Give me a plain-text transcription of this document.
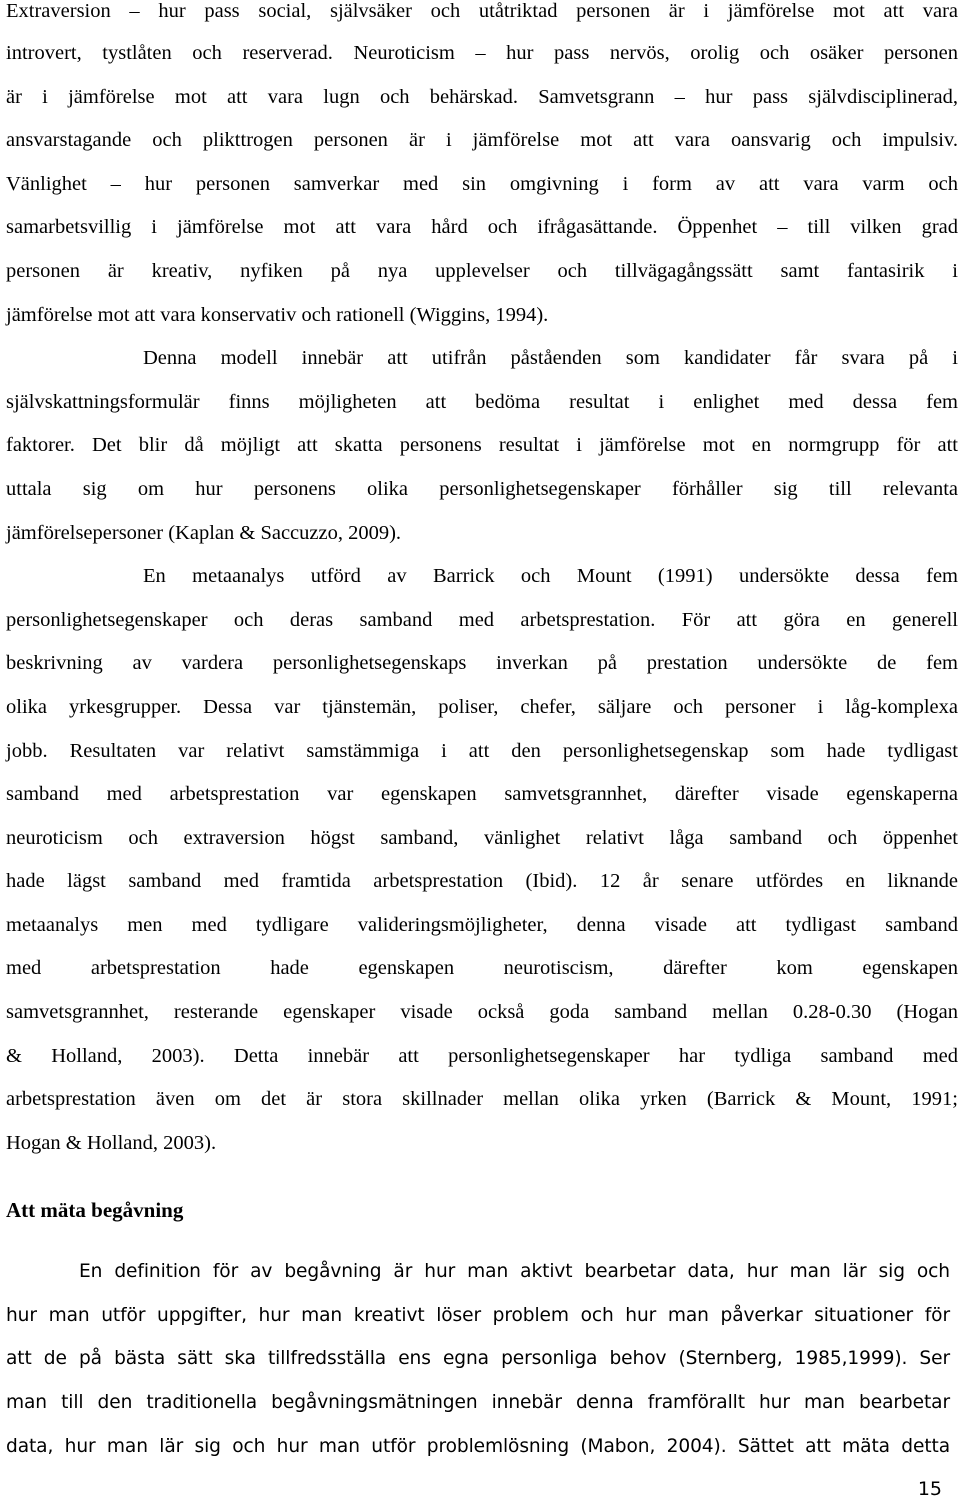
Extraversion – hur pass social, självsäker och utåtriktad personen är i jämförelse mot att vara
introvert, tystlåten och reserverad. Neuroticism – hur pass nervös, orolig och osäker personen
är i jämförelse mot att vara lugn och behärskad. Samvetsgrann – hur pass självdisciplinerad,
ansvarstagande och plikttrogen personen är i jämförelse mot att vara oansvarig och impulsiv.
Vänlighet – hur personen samverkar med sin omgivning i form av att vara varm och
samarbetsvillig i jämförelse mot att vara hård och ifrågasättande. Öppenhet – till vilken grad
personen är kreativ, nyfiken på nya upplevelser och tillvägagångssätt samt fantasirik i
jämförelse mot att vara konservativ och rationell (Wiggins, 1994).
Denna modell innebär att utifrån påståenden som kandidater får svara på i
självskattningsformulär finns möjligheten att bedöma resultat i enlighet med dessa fem
faktorer. Det blir då möjligt att skatta personens resultat i jämförelse mot en normgrupp för att
uttala sig om hur personens olika personlighetsegenskaper förhåller sig till relevanta
jämförelsepersoner (Kaplan & Saccuzzo, 2009).
En metaanalys utförd av Barrick och Mount (1991) undersökte dessa fem
personlighetsegenskaper och deras samband med arbetsprestation. För att göra en generell
beskrivning av vardera personlighetsegenskaps inverkan på prestation undersökte de fem
olika yrkesgrupper. Dessa var tjänstemän, poliser, chefer, säljare och personer i låg-komplexa
jobb. Resultaten var relativt samstämmiga i att den personlighetsegenskap som hade tydligast
samband med arbetsprestation var egenskapen samvetsgrannhet, därefter visade egenskaperna
neuroticism och extraversion högst samband, vänlighet relativt låga samband och öppenhet
hade lägst samband med framtida arbetsprestation (Ibid). 12 år senare utfördes en liknande
metaanalys men med tydligare valideringsmöjligheter, denna visade att tydligast samband
med arbetsprestation hade egenskapen neurotiscism, därefter kom egenskapen
samvetsgrannhet, resterande egenskaper visade också goda samband mellan 0.28-0.30 (Hogan
& Holland, 2003). Detta innebär att personlighetsegenskaper har tydliga samband med
arbetsprestation även om det är stora skillnader mellan olika yrken (Barrick & Mount, 1991;
Hogan & Holland, 2003).
Att mäta begåvning
En definition för av begåvning är hur man aktivt bearbetar data, hur man lär sig och
hur man utför uppgifter, hur man kreativt löser problem och hur man påverkar situationer för
att de på bästa sätt ska tillfredsställa ens egna personliga behov (Sternberg, 1985,1999). Ser
man till den traditionella begåvningsmätningen innebär denna framförallt hur man bearbetar
data, hur man lär sig och hur man utför problemlösning (Mabon, 2004). Sättet att mäta detta
15
